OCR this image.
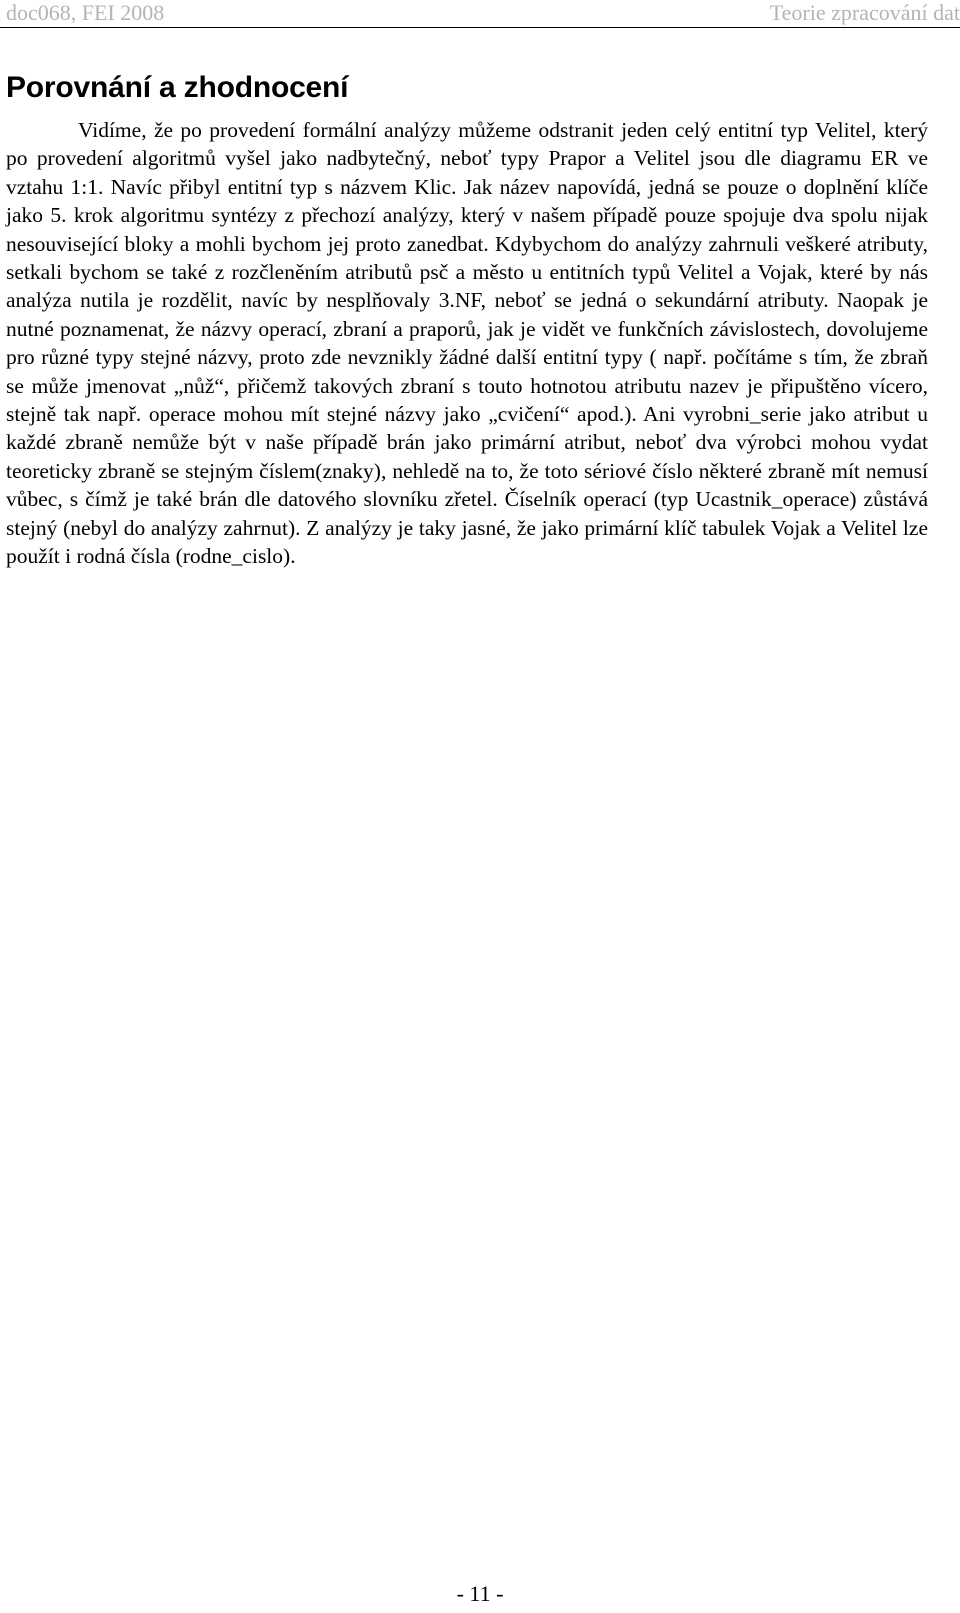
doc068, FEI 2008	Teorie zpracování dat
Porovnání a zhodnocení

Vidíme, že po provedení formální analýzy můžeme odstranit jeden celý entitní typ Velitel, který po provedení algoritmů vyšel jako nadbytečný, neboť typy Prapor a Velitel jsou dle diagramu ER ve vztahu 1:1. Navíc přibyl entitní typ s názvem Klic. Jak název napovídá, jedná se pouze o doplnění klíče jako 5. krok algoritmu syntézy z přechozí analýzy, který v našem případě pouze spojuje dva spolu nijak nesouvisející bloky a mohli bychom jej proto zanedbat. Kdybychom do analýzy zahrnuli veškeré atributy, setkali bychom se také z rozčleněním atributů psč a město u entitních typů Velitel a Vojak, které by nás analýza nutila je rozdělit, navíc by nesplňovaly 3.NF, neboť se jedná o sekundární atributy. Naopak je nutné poznamenat, že názvy operací, zbraní a praporů, jak je vidět ve funkčních závislostech, dovolujeme pro různé typy stejné názvy, proto zde nevznikly žádné další entitní typy ( např. počítáme s tím, že zbraň se může jmenovat „nůž“, přičemž takových zbraní s touto hotnotou atributu nazev je připuštěno vícero, stejně tak např. operace mohou mít stejné názvy jako „cvičení“ apod.). Ani vyrobni_serie jako atribut u každé zbraně nemůže být v naše případě brán jako primární atribut, neboť dva výrobci mohou vydat teoreticky zbraně se stejným číslem(znaky), nehledě na to, že toto sériové číslo některé zbraně mít nemusí vůbec, s čímž je také brán dle datového slovníku zřetel. Číselník operací (typ Ucastnik_operace) zůstává stejný (nebyl do analýzy zahrnut). Z analýzy je taky jasné, že jako primární klíč tabulek Vojak a Velitel lze použít i rodná čísla (rodne_cislo).

- 11 -
